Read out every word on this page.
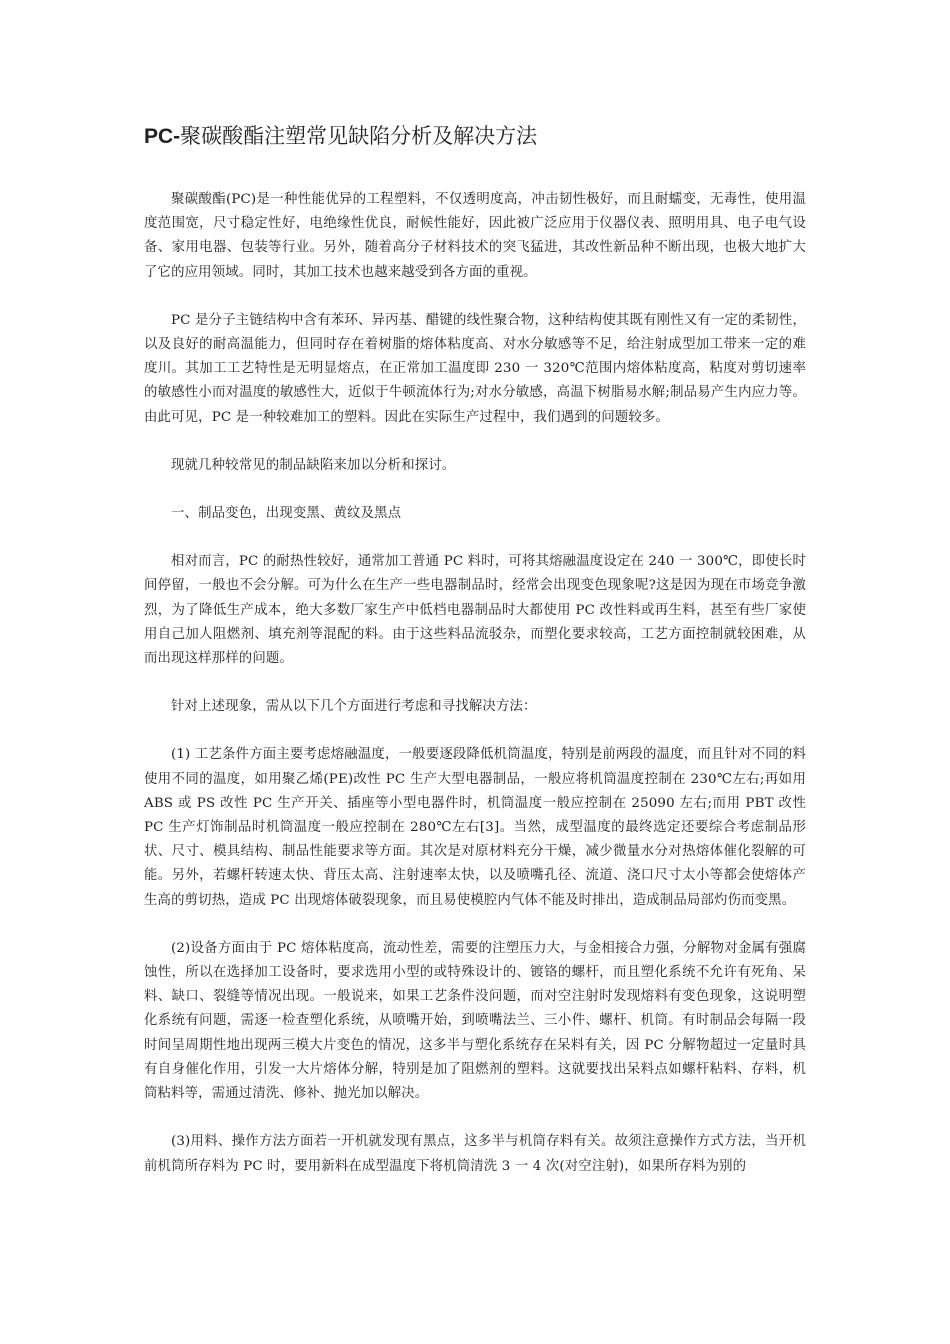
PC-聚碳酸酯注塑常见缺陷分析及解决方法

聚碳酸酯(PC)是一种性能优异的工程塑料，不仅透明度高，冲击韧性极好，而且耐蠕变，无毒性，使用温度范围宽，尺寸稳定性好，电绝缘性优良，耐候性能好，因此被广泛应用于仪器仪表、照明用具、电子电气设备、家用电器、包装等行业。另外，随着高分子材料技术的突飞猛进，其改性新品种不断出现，也极大地扩大了它的应用领域。同时，其加工技术也越来越受到各方面的重视。

PC 是分子主链结构中含有苯环、异丙基、醋键的线性聚合物，这种结构使其既有刚性又有一定的柔韧性，以及良好的耐高温能力，但同时存在着树脂的熔体粘度高、对水分敏感等不足，给注射成型加工带来一定的难度川。其加工工艺特性是无明显熔点，在正常加工温度即 230 一 320℃范围内熔体粘度高，粘度对剪切速率的敏感性小而对温度的敏感性大，近似于牛顿流体行为;对水分敏感，高温下树脂易水解;制品易产生内应力等。由此可见，PC 是一种较难加工的塑料。因此在实际生产过程中，我们遇到的问题较多。

现就几种较常见的制品缺陷来加以分析和探讨。

一、制品变色，出现变黑、黄纹及黑点

相对而言，PC 的耐热性较好，通常加工普通 PC 料时，可将其熔融温度设定在 240 一 300℃，即使长时间停留，一般也不会分解。可为什么在生产一些电器制品时，经常会出现变色现象呢?这是因为现在市场竞争激烈，为了降低生产成本，绝大多数厂家生产中低档电器制品时大都使用 PC 改性料或再生料，甚至有些厂家使用自己加人阻燃剂、填充剂等混配的料。由于这些料品流驳杂，而塑化要求较高，工艺方面控制就较困难，从而出现这样那样的问题。

针对上述现象，需从以下几个方面进行考虑和寻找解决方法：

(1) 工艺条件方面主要考虑熔融温度，一般要逐段降低机筒温度，特别是前两段的温度，而且针对不同的料使用不同的温度，如用聚乙烯(PE)改性 PC 生产大型电器制品，一般应将机筒温度控制在 230℃左右;再如用 ABS 或 PS 改性 PC 生产开关、插座等小型电器件时，机筒温度一般应控制在 25090 左右;而用 PBT 改性 PC 生产灯饰制品时机筒温度一般应控制在 280℃左右[3]。当然，成型温度的最终选定还要综合考虑制品形状、尺寸、模具结构、制品性能要求等方面。其次是对原材料充分干燥，减少微量水分对热熔体催化裂解的可能。另外，若螺杆转速太快、背压太高、注射速率太快，以及喷嘴孔径、流道、浇口尺寸太小等都会使熔体产生高的剪切热，造成 PC 出现熔体破裂现象，而且易使模腔内气体不能及时排出，造成制品局部灼伤而变黑。

(2)设备方面由于 PC 熔体粘度高，流动性差，需要的注塑压力大，与金相接合力强，分解物对金属有强腐蚀性，所以在选择加工设备时，要求选用小型的或特殊设计的、镀铬的螺杆，而且塑化系统不允许有死角、呆料、缺口、裂缝等情况出现。一般说来，如果工艺条件没问题，而对空注射时发现熔料有变色现象，这说明塑化系统有问题，需逐一检查塑化系统，从喷嘴开始，到喷嘴法兰、三小件、螺杆、机筒。有时制品会每隔一段时间呈周期性地出现两三模大片变色的情况，这多半与塑化系统存在呆料有关，因 PC 分解物超过一定量时具有自身催化作用，引发一大片熔体分解，特别是加了阻燃剂的塑料。这就要找出呆料点如螺杆粘料、存料，机筒粘料等，需通过清洗、修补、抛光加以解决。

(3)用料、操作方法方面若一开机就发现有黑点，这多半与机筒存料有关。故须注意操作方式方法，当开机前机筒所存料为 PC 时，要用新料在成型温度下将机筒清洗 3 一 4 次(对空注射)，如果所存料为别的
